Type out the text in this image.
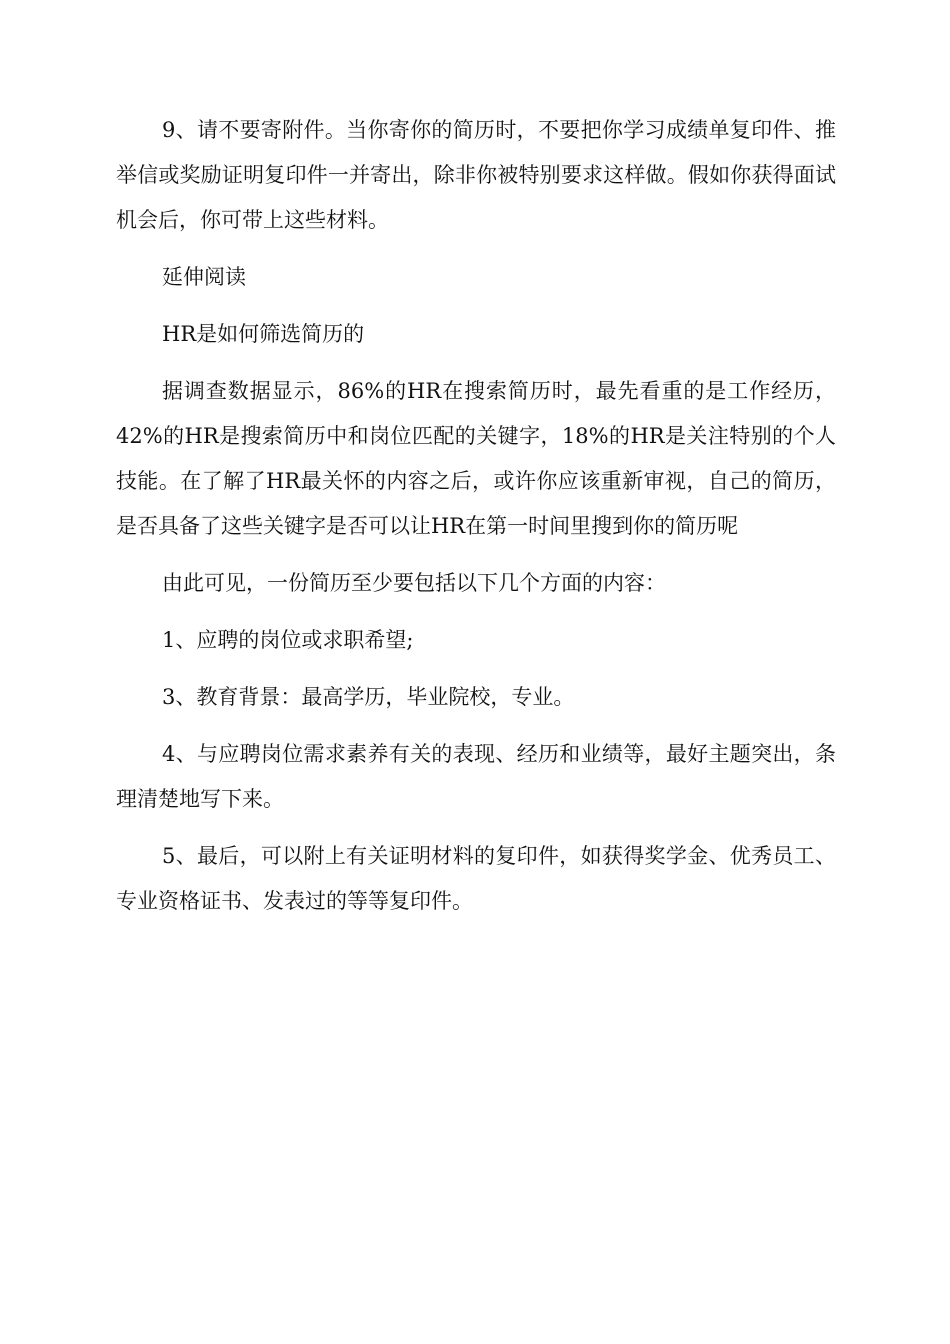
9、请不要寄附件。当你寄你的简历时，不要把你学习成绩单复印件、推举信或奖励证明复印件一并寄出，除非你被特别要求这样做。假如你获得面试机会后，你可带上这些材料。

延伸阅读

HR是如何筛选简历的

据调查数据显示，86%的HR在搜索简历时，最先看重的是工作经历，42%的HR是搜索简历中和岗位匹配的关键字，18%的HR是关注特别的个人技能。在了解了HR最关怀的内容之后，或许你应该重新审视，自己的简历，是否具备了这些关键字是否可以让HR在第一时间里搜到你的简历呢

由此可见，一份简历至少要包括以下几个方面的内容：

1、应聘的岗位或求职希望;

3、教育背景：最高学历，毕业院校，专业。

4、与应聘岗位需求素养有关的表现、经历和业绩等，最好主题突出，条理清楚地写下来。

5、最后，可以附上有关证明材料的复印件，如获得奖学金、优秀员工、专业资格证书、发表过的等等复印件。
